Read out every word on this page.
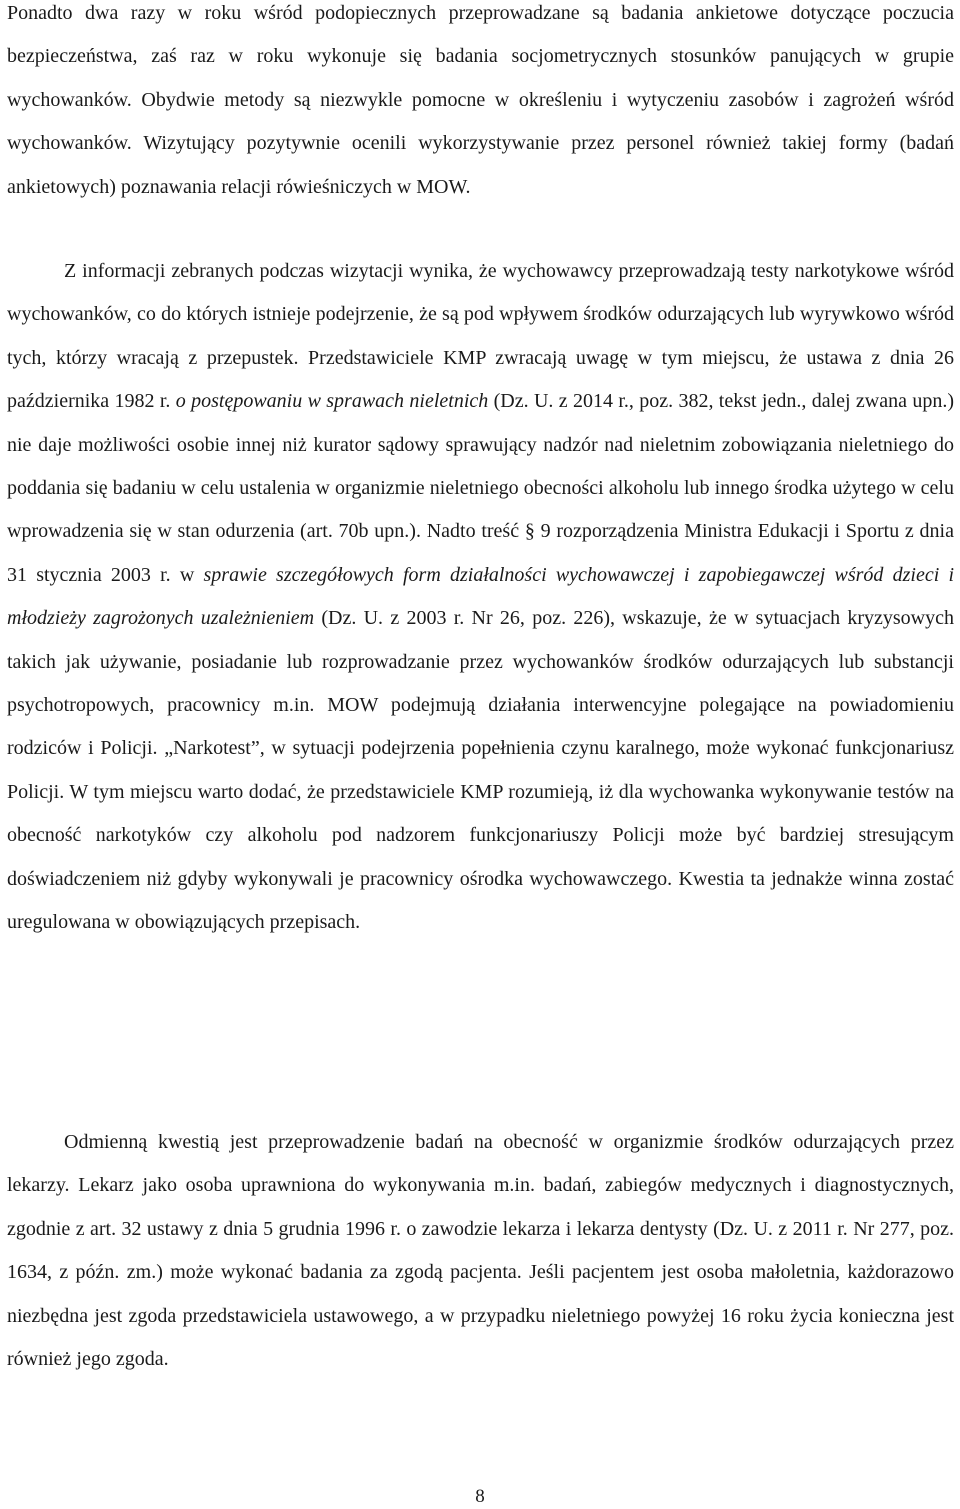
Ponadto dwa razy w roku wśród podopiecznych przeprowadzane są badania ankietowe dotyczące poczucia bezpieczeństwa, zaś raz w roku wykonuje się badania socjometrycznych stosunków panujących w grupie wychowanków. Obydwie metody są niezwykle pomocne w określeniu i wytyczeniu zasobów i zagrożeń wśród wychowanków. Wizytujący pozytywnie ocenili wykorzystywanie przez personel również takiej formy (badań ankietowych) poznawania relacji rówieśniczych w MOW.

Z informacji zebranych podczas wizytacji wynika, że wychowawcy przeprowadzają testy narkotykowe wśród wychowanków, co do których istnieje podejrzenie, że są pod wpływem środków odurzających lub wyrywkowo wśród tych, którzy wracają z przepustek. Przedstawiciele KMP zwracają uwagę w tym miejscu, że ustawa z dnia 26 października 1982 r. o postępowaniu w sprawach nieletnich (Dz. U. z 2014 r., poz. 382, tekst jedn., dalej zwana upn.) nie daje możliwości osobie innej niż kurator sądowy sprawujący nadzór nad nieletnim zobowiązania nieletniego do poddania się badaniu w celu ustalenia w organizmie nieletniego obecności alkoholu lub innego środka użytego w celu wprowadzenia się w stan odurzenia (art. 70b upn.). Nadto treść § 9 rozporządzenia Ministra Edukacji i Sportu z dnia 31 stycznia 2003 r. w sprawie szczegółowych form działalności wychowawczej i zapobiegawczej wśród dzieci i młodzieży zagrożonych uzależnieniem (Dz. U. z 2003 r. Nr 26, poz. 226), wskazuje, że w sytuacjach kryzysowych takich jak używanie, posiadanie lub rozprowadzanie przez wychowanków środków odurzających lub substancji psychotropowych, pracownicy m.in. MOW podejmują działania interwencyjne polegające na powiadomieniu rodziców i Policji. „Narkotest”, w sytuacji podejrzenia popełnienia czynu karalnego, może wykonać funkcjonariusz Policji. W tym miejscu warto dodać, że przedstawiciele KMP rozumieją, iż dla wychowanka wykonywanie testów na obecność narkotyków czy alkoholu pod nadzorem funkcjonariuszy Policji może być bardziej stresującym doświadczeniem niż gdyby wykonywali je pracownicy ośrodka wychowawczego. Kwestia ta jednakże winna zostać uregulowana w obowiązujących przepisach.

Odmienną kwestią jest przeprowadzenie badań na obecność w organizmie środków odurzających przez lekarzy. Lekarz jako osoba uprawniona do wykonywania m.in. badań, zabiegów medycznych i diagnostycznych, zgodnie z art. 32 ustawy z dnia 5 grudnia 1996 r. o zawodzie lekarza i lekarza dentysty (Dz. U. z 2011 r. Nr 277, poz. 1634, z późn. zm.) może wykonać badania za zgodą pacjenta. Jeśli pacjentem jest osoba małoletnia, każdorazowo niezbędna jest zgoda przedstawiciela ustawowego, a w przypadku nieletniego powyżej 16 roku życia konieczna jest również jego zgoda.

8
